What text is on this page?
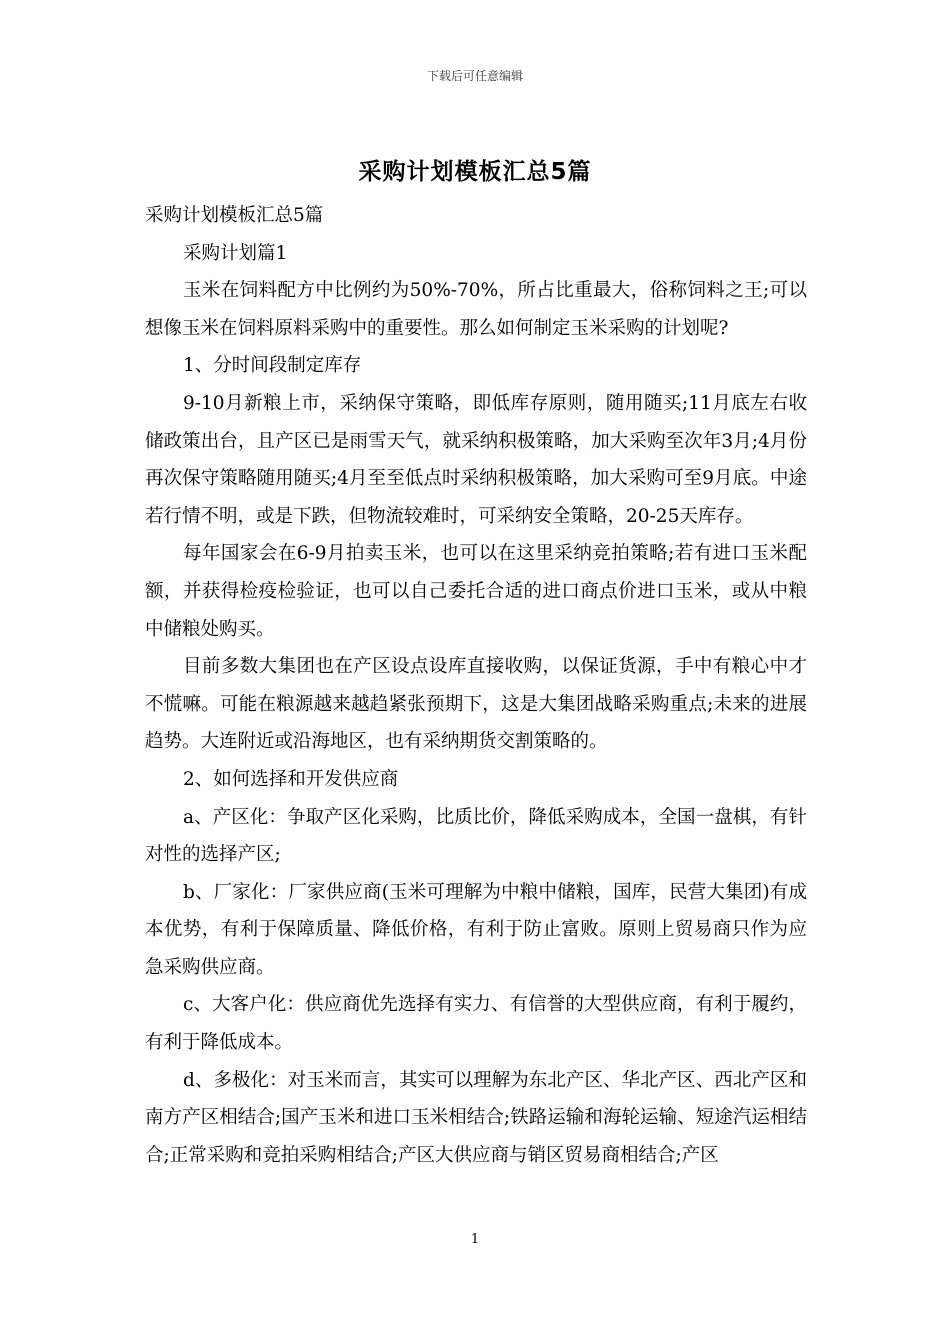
下载后可任意编辑
采购计划模板汇总5篇

采购计划模板汇总5篇

采购计划篇1

玉米在饲料配方中比例约为50%-70%，所占比重最大，俗称饲料之王;可以想像玉米在饲料原料采购中的重要性。那么如何制定玉米采购的计划呢?

1、分时间段制定库存

9-10月新粮上市，采纳保守策略，即低库存原则，随用随买;11月底左右收储政策出台，且产区已是雨雪天气，就采纳积极策略，加大采购至次年3月;4月份再次保守策略随用随买;4月至至低点时采纳积极策略，加大采购可至9月底。中途若行情不明，或是下跌，但物流较难时，可采纳安全策略，20-25天库存。

每年国家会在6-9月拍卖玉米，也可以在这里采纳竞拍策略;若有进口玉米配额，并获得检疫检验证，也可以自己委托合适的进口商点价进口玉米，或从中粮中储粮处购买。

目前多数大集团也在产区设点设库直接收购，以保证货源，手中有粮心中才不慌嘛。可能在粮源越来越趋紧张预期下，这是大集团战略采购重点;未来的进展趋势。大连附近或沿海地区，也有采纳期货交割策略的。

2、如何选择和开发供应商

a、产区化：争取产区化采购，比质比价，降低采购成本，全国一盘棋，有针对性的选择产区;

b、厂家化：厂家供应商(玉米可理解为中粮中储粮，国库，民营大集团)有成本优势，有利于保障质量、降低价格，有利于防止富败。原则上贸易商只作为应急采购供应商。

c、大客户化：供应商优先选择有实力、有信誉的大型供应商，有利于履约，有利于降低成本。

d、多极化：对玉米而言，其实可以理解为东北产区、华北产区、西北产区和南方产区相结合;国产玉米和进口玉米相结合;铁路运输和海轮运输、短途汽运相结合;正常采购和竞拍采购相结合;产区大供应商与销区贸易商相结合;产区

1
